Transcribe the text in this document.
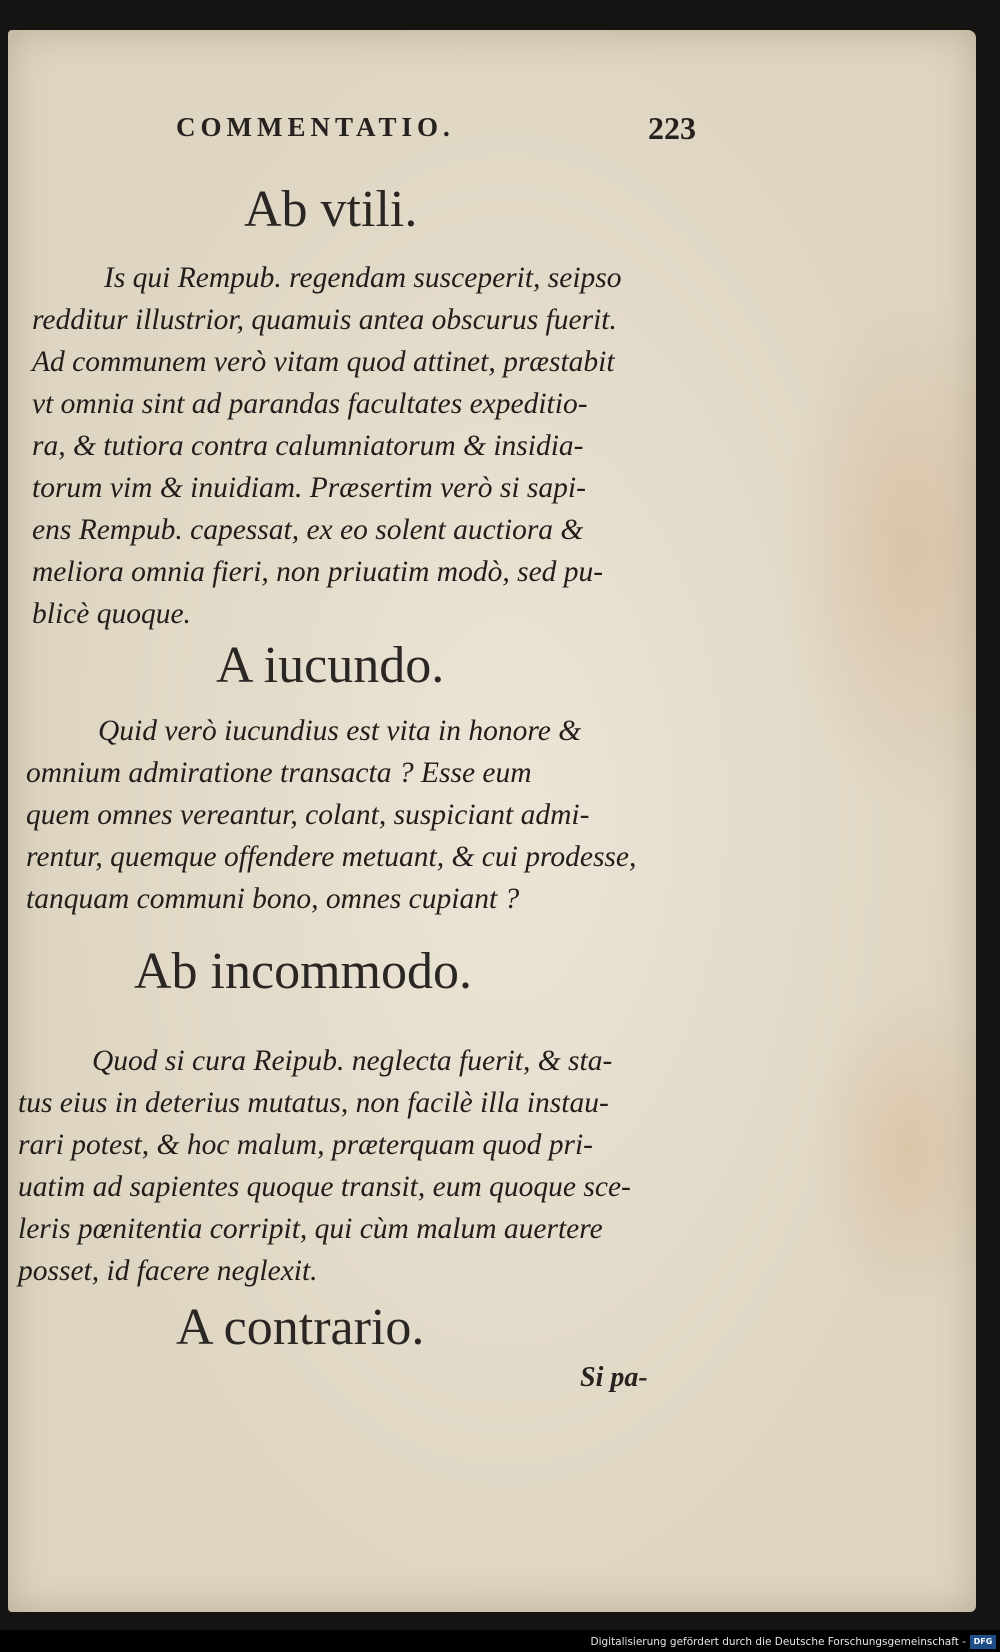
COMMENTATIO.	223
Ab vtili.
Is qui Rempub. regendam susceperit, seipso
redditur illustrior, quamuis antea obscurus fuerit.
Ad communem verò vitam quod attinet, præstabit
vt omnia sint ad parandas facultates expeditio-
ra, & tutiora contra calumniatorum & insidia-
torum vim & inuidiam. Præsertim verò si sapi-
ens Rempub. capessat, ex eo solent auctiora &
meliora omnia fieri, non priuatim modò, sed pu-
blicè quoque.
A iucundo.
Quid verò iucundius est vita in honore &
omnium admiratione transacta ? Esse eum
quem omnes vereantur, colant, suspiciant admi-
rentur, quemque offendere metuant, & cui prodesse,
tanquam communi bono, omnes cupiant ?
Ab incommodo.
Quod si cura Reipub. neglecta fuerit, & sta-
tus eius in deterius mutatus, non facilè illa instau-
rari potest, & hoc malum, præterquam quod pri-
uatim ad sapientes quoque transit, eum quoque sce-
leris pœnitentia corripit, qui cùm malum auertere
posset, id facere neglexit.
A contrario.
Si pa-
Digitalisierung gefördert durch die Deutsche Forschungsgemeinschaft - DFG
